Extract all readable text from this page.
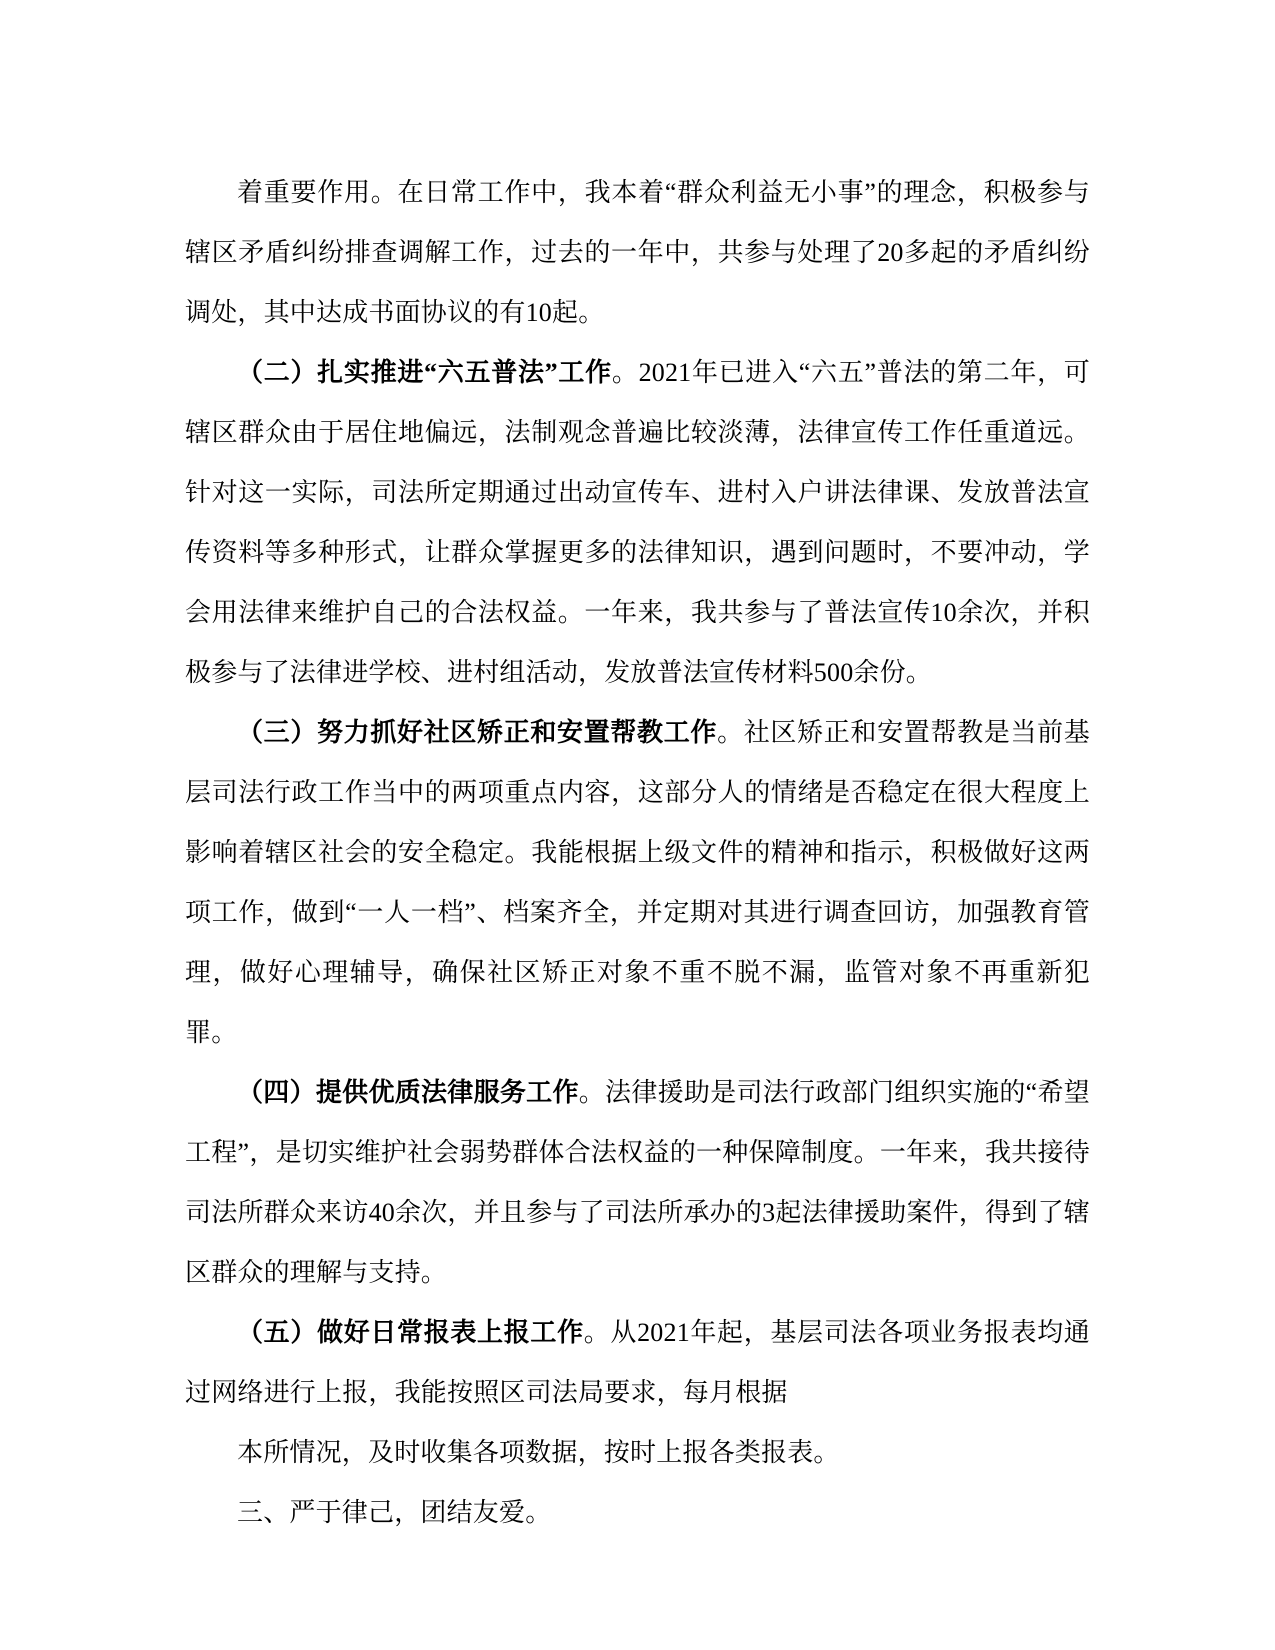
着重要作用。在日常工作中，我本着“群众利益无小事”的理念，积极参与辖区矛盾纠纷排查调解工作，过去的一年中，共参与处理了20多起的矛盾纠纷调处，其中达成书面协议的有10起。

（二）扎实推进“六五普法”工作。2021年已进入“六五”普法的第二年，可辖区群众由于居住地偏远，法制观念普遍比较淡薄，法律宣传工作任重道远。针对这一实际，司法所定期通过出动宣传车、进村入户讲法律课、发放普法宣传资料等多种形式，让群众掌握更多的法律知识，遇到问题时，不要冲动，学会用法律来维护自己的合法权益。一年来，我共参与了普法宣传10余次，并积极参与了法律进学校、进村组活动，发放普法宣传材料500余份。

（三）努力抓好社区矫正和安置帮教工作。社区矫正和安置帮教是当前基层司法行政工作当中的两项重点内容，这部分人的情绪是否稳定在很大程度上影响着辖区社会的安全稳定。我能根据上级文件的精神和指示，积极做好这两项工作，做到“一人一档”、档案齐全，并定期对其进行调查回访，加强教育管理，做好心理辅导，确保社区矫正对象不重不脱不漏，监管对象不再重新犯罪。

（四）提供优质法律服务工作。法律援助是司法行政部门组织实施的“希望工程”，是切实维护社会弱势群体合法权益的一种保障制度。一年来，我共接待司法所群众来访40余次，并且参与了司法所承办的3起法律援助案件，得到了辖区群众的理解与支持。

（五）做好日常报表上报工作。从2021年起，基层司法各项业务报表均通过网络进行上报，我能按照区司法局要求，每月根据

本所情况，及时收集各项数据，按时上报各类报表。

三、严于律己，团结友爱。
